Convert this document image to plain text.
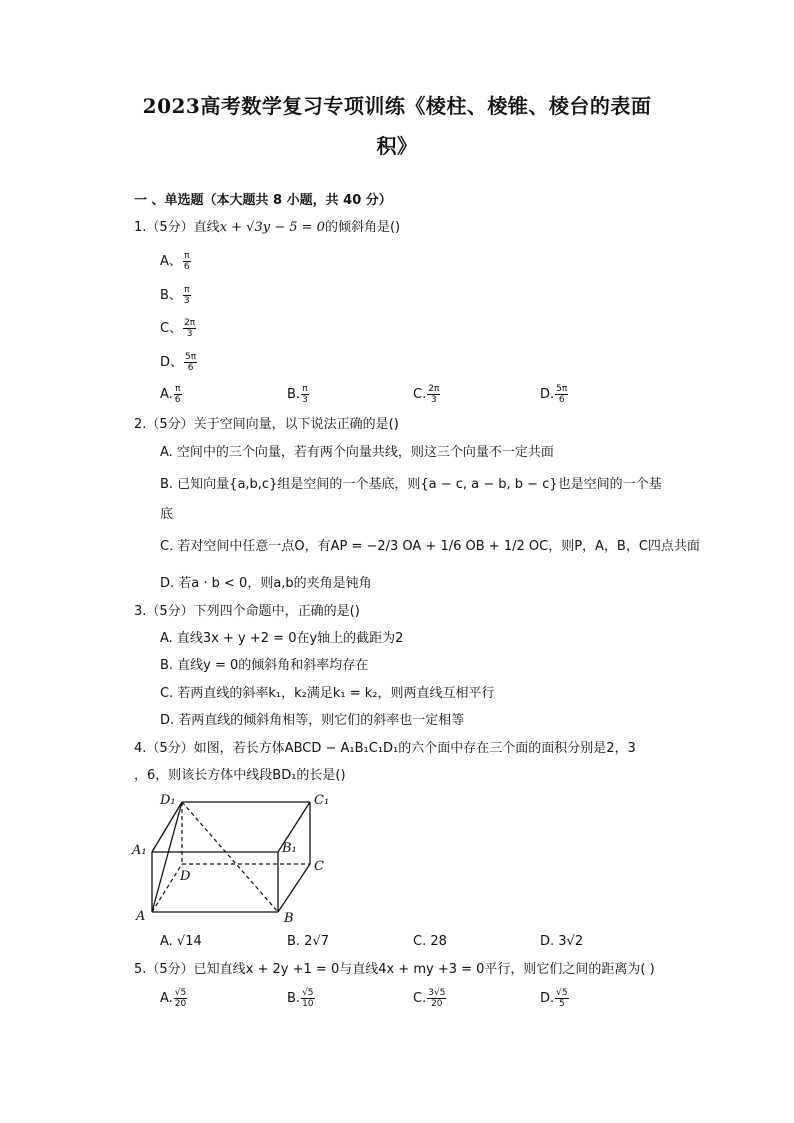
2023高考数学复习专项训练《棱柱、棱锥、棱台的表面
积》
一 、单选题（本大题共 8 小题，共 40 分）
1.（5分）直线x + √3y − 5 = 0的倾斜角是()
A、 $\frac{\pi}{6}$
B、 $\frac{\pi}{3}$
C、 $\frac{2\pi}{3}$
D、 $\frac{5\pi}{6}$
A. $\frac{\pi}{6}$	B. $\frac{\pi}{3}$	C. $\frac{2\pi}{3}$	D. $\frac{5\pi}{6}$
2.（5分）关于空间向量，以下说法正确的是()
A. 空间中的三个向量，若有两个向量共线，则这三个向量不一定共面
B. 已知向量{a,b,c}组是空间的一个基底，则{a − c, a − b, b − c}也是空间的一个基
底
C. 若对空间中任意一点O，有AP = −2/3 OA + 1/6 OB + 1/2 OC，则P，A，B，C四点共面
D. 若a · b < 0，则a,b的夹角是钝角
3.（5分）下列四个命题中，正确的是()
A. 直线3x + y +2 = 0在y轴上的截距为2
B. 直线y = 0的倾斜角和斜率均存在
C. 若两直线的斜率k₁，k₂满足k₁ = k₂，则两直线互相平行
D. 若两直线的倾斜角相等，则它们的斜率也一定相等
4.（5分）如图，若长方体ABCD − A₁B₁C₁D₁的六个面中存在三个面的面积分别是2，3
，6，则该长方体中线段BD₁的长是()
D₁	C₁
A₁	B₁
D
C
A	B
A. √14	B. 2√7	C. 28	D. 3√2
5.（5分）已知直线x + 2y +1 = 0与直线4x + my +3 = 0平行，则它们之间的距离为( )
A. $\frac{√5}{20}$	B. $\frac{√5}{10}$	C. $\frac{3√5}{20}$	D. $\frac{√5}{5}$
